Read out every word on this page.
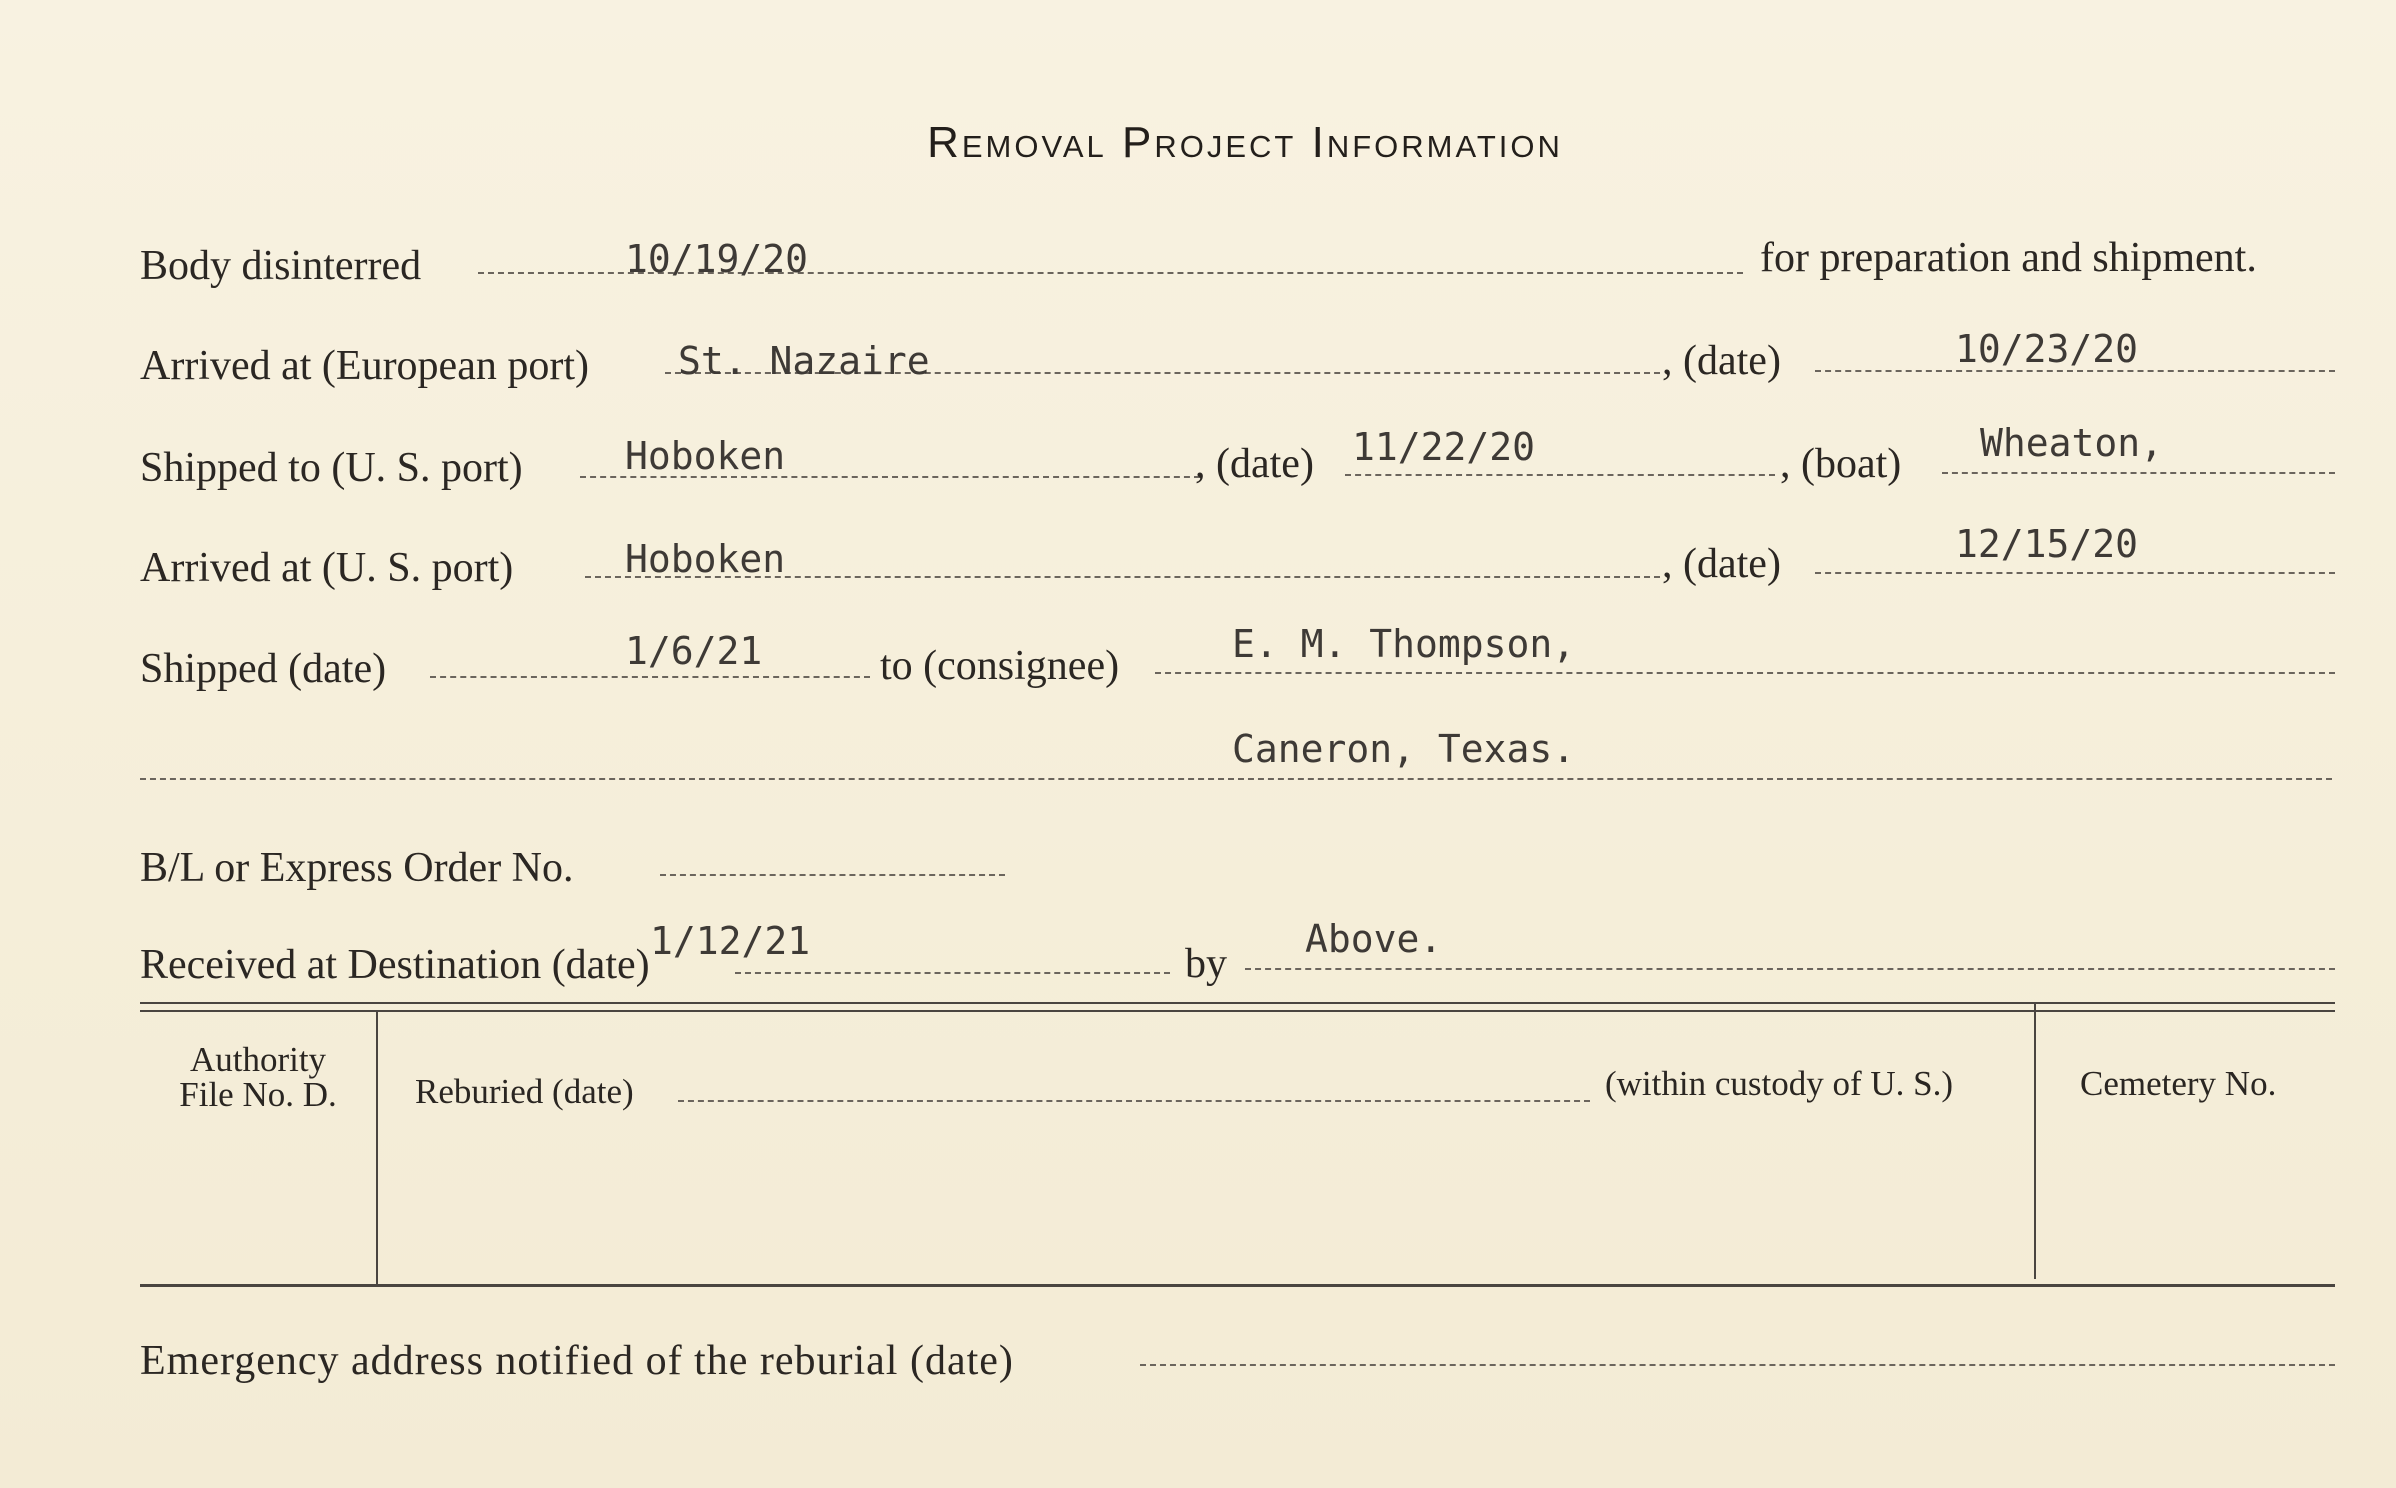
Removal Project Information
Body disinterred	10/19/20	for preparation and shipment.
Arrived at (European port) St. Nazaire	, (date)	10/23/20
Shipped to (U. S. port)	Hoboken	, (date) 11/22/20	, (boat) Wheaton,
Arrived at (U. S. port)	Hoboken	, (date)	12/15/20
Shipped (date)	1/6/21	to (consignee)	E. M. Thompson,
Caneron, Texas.
B/L or Express Order No.
Received at Destination (date)
1/12/21	by
Above.
Authority
File No. D.	Reburied (date)	(within custody of U. S.)	Cemetery No.
Emergency address notified of the reburial (date)
